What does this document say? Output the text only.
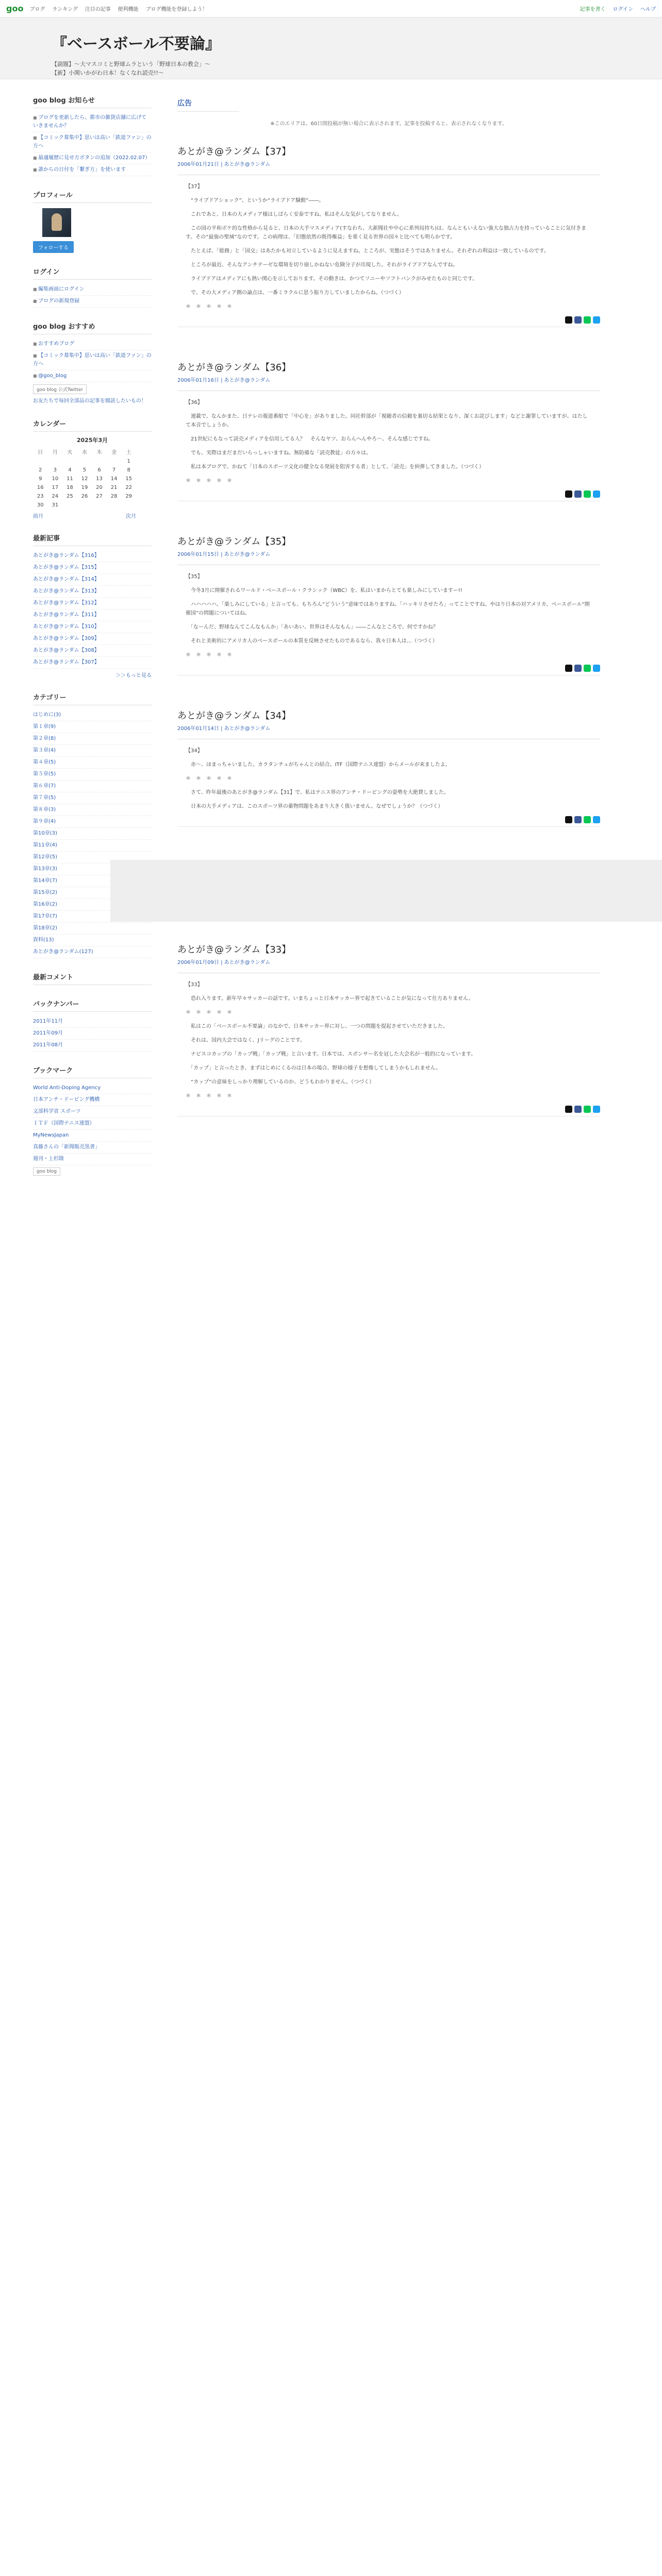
goo ブログ ランキング 注目の記事 便利機能 ブログ機能を登録しよう！	記事を書く ログイン ヘルプ
『ベースボール不要論』
【副題】〜大マスコミと野球ムラという「野球日本の教会」〜
【新】小関いかがわ日本！なくなれ読売!!〜
goo blog お知らせ
■ ブログを更新したら、都市の雑貨店舗に広げていきませんか？
■ 【コミック募集中】思いは高い「鉄道ファン」の方へ
■ 最適履歴に見せ方ボタンの追加（2022.02.07）
■ 誰からの日付を「繋ぎ方」を使います
プロフィール
フォローする
ログイン
■ 編集画面にログイン
■ ブログの新規登録
goo blog おすすめ
■ おすすめブログ
■ 【コミック募集中】思いは高い「鉄道ファン」の方へ
■ @goo_blog
goo blog 公式Twitter
お友たちで毎回全部品の記事を閲読したいもの！
カレンダー
2025年3月
日	月	火	水	木	金	土
						1
2	3	4	5	6	7	8
9	10	11	12	13	14	15
16	17	18	19	20	21	22
23	24	25	26	27	28	29
30	31					
前月	次月
最新記事
あとがき@ランダム【316】
あとがき@ランダム【315】
あとがき@ランダム【314】
あとがき@ランダム【313】
あとがき@ランダム【312】
あとがき@ランダム【311】
あとがき@ランダム【310】
あとがき@ランダム【309】
あとがき@ランダム【308】
あとがき@ランダム【307】
＞＞もっと見る
カテゴリー
はじめに(3)
第１章(9)
第２章(8)
第３章(4)
第４章(5)
第５章(5)
第６章(7)
第７章(5)
第８章(3)
第９章(4)
第10章(3)
第11章(4)
第12章(5)
第13章(3)
第14章(7)
第15章(2)
第16章(2)
第17章(7)
第18章(2)
資料(13)
あとがき@ランダム(127)
最新コメント
バックナンバー
2011年11月
2011年09月
2011年08月
ブックマーク
World Anti-Doping Agency
日本アンチ・ドーピング機構
文部科学省 スポーツ
ＩＴＦ（国際テニス連盟）
MyNewsJapan
真藤さんの「新聞販売黒書」
週刊・上杉隆
goo blog
広告
※このエリアは、60日間投稿が無い場合に表示されます。記事を投稿すると、表示されなくなります。
あとがき@ランダム【37】
2006年01月21日 | あとがき@ランダム

【37】

　“ライブドアショック”、というか“ライブドア騒動”――。

　これであと、日本の大メディア様はしばらく安泰ですね。私はそんな気がしてなりません。

　この国の平和ボケ的な性格から見ると、日本の大手マスメディア(すなわち、大新聞社や中心に系列局持ち)は、なんともいえない強大な独占力を持っていることに気付きます。その“最強の聖域”なのです。この病理は、「旧態依然の既得権益」を重く見る世界の国々と比べても明らかです。

　たとえば、「総務」と「国交」はあたかも対立しているように見えますね。ところが、実態はそうではありません。それぞれの利益は一致しているのです。

　ところが最近、そんなアンチテーゼな環境を切り崩しかねない危険分子が出現した。それがライブドアなんですね。

　ライブドアはメディアにも熱い関心を示しております。その動きは、かつてソニーやソフトバンクがみせたものと同じです。

　で、その大メディア側の論点は、一番ミラクルに思う振り方していましたからね。（つづく）

＊　＊　＊　＊　＊

あとがき@ランダム【36】
2006年01月16日 | あとがき@ランダム

【36】

　連載で、なんかまた、日テレの報道番組で「中心を」がありました。同社幹部が「視聴者の信頼を裏切る結果となり、深くお詫びします」などと謝罪していますが、はたして本音でしょうか。

　21世紀にもなって読売メディアを信用してる人？　そんなヤツ、おらんへんやろ〜、そんな感じですね。

　でも、実際はまだまだいらっしゃいますね。無防備な「読売教徒」の方々は。

　私は本ブログで、かねて「日本のスポーツ文化の健全なる発展を阻害する者」として、「読売」を糾弾してきました。（つづく）

＊　＊　＊　＊　＊

あとがき@ランダム【35】
2006年01月15日 | あとがき@ランダム

【35】

　今冬3月に開催されるワールド・ベースボール・クラシック（WBC）を、私はいまからとても楽しみにしていますー!!

　ハハハハハ。「楽しみにしている」と言っても、もちろん“どういう”意味ではありますね。「ハッキリさせたろ」ってことですね。やはり日本の対アメリカ、ベースボール“開催国”の問題についてはね。

　「なーんだ、野球なんてこんなもんか」「あいあい、世界はそんなもん」――こんなところで、何ですかね？

　それと美術的にアメリカ人のベースボールの本質を反映させたものであるなら、我々日本人は…（つづく）

＊　＊　＊　＊　＊

あとがき@ランダム【34】
2006年01月14日 | あとがき@ランダム

【34】

　赤〜、ほまっちゃいました。カラタンチュがちゃんとの結合。ITF（国際テニス連盟）からメールが来ましたよ。

＊　＊　＊　＊　＊

　さて、昨年最後のあとがき@ランダム【31】で、私はテニス界のアンチ・ドーピングの姿勢を大絶賛しました。

　日本の大手メディアは、このスポーツ界の薬物問題をあまり大きく扱いません。なぜでしょうか？（つづく）

あとがき@ランダム【33】
2006年01月09日 | あとがき@ランダム

【33】

　恐れ入ります。新年早々サッカーの話です。いまちょっと日本サッカー界で起きていることが気になって仕方ありません。

＊　＊　＊　＊　＊

　私はこの「ベースボール不要論」のなかで、日本サッカー界に対し、一つの問題を提起させていただきました。

　それは、国内大会ではなく、Jリーグのことです。

　ナビスコカップの「カップ戦」「カップ戦」と言います。日本では、スポンサー名を冠した大会名が一般的になっています。

　「カップ」と言ったとき、まずはじめにくるのは日本の場合、野球の様子を想像してしまうかもしれません。

　“カップ”の意味をしっかり理解しているのか、どうもわかりません。（つづく）

＊　＊　＊　＊　＊
